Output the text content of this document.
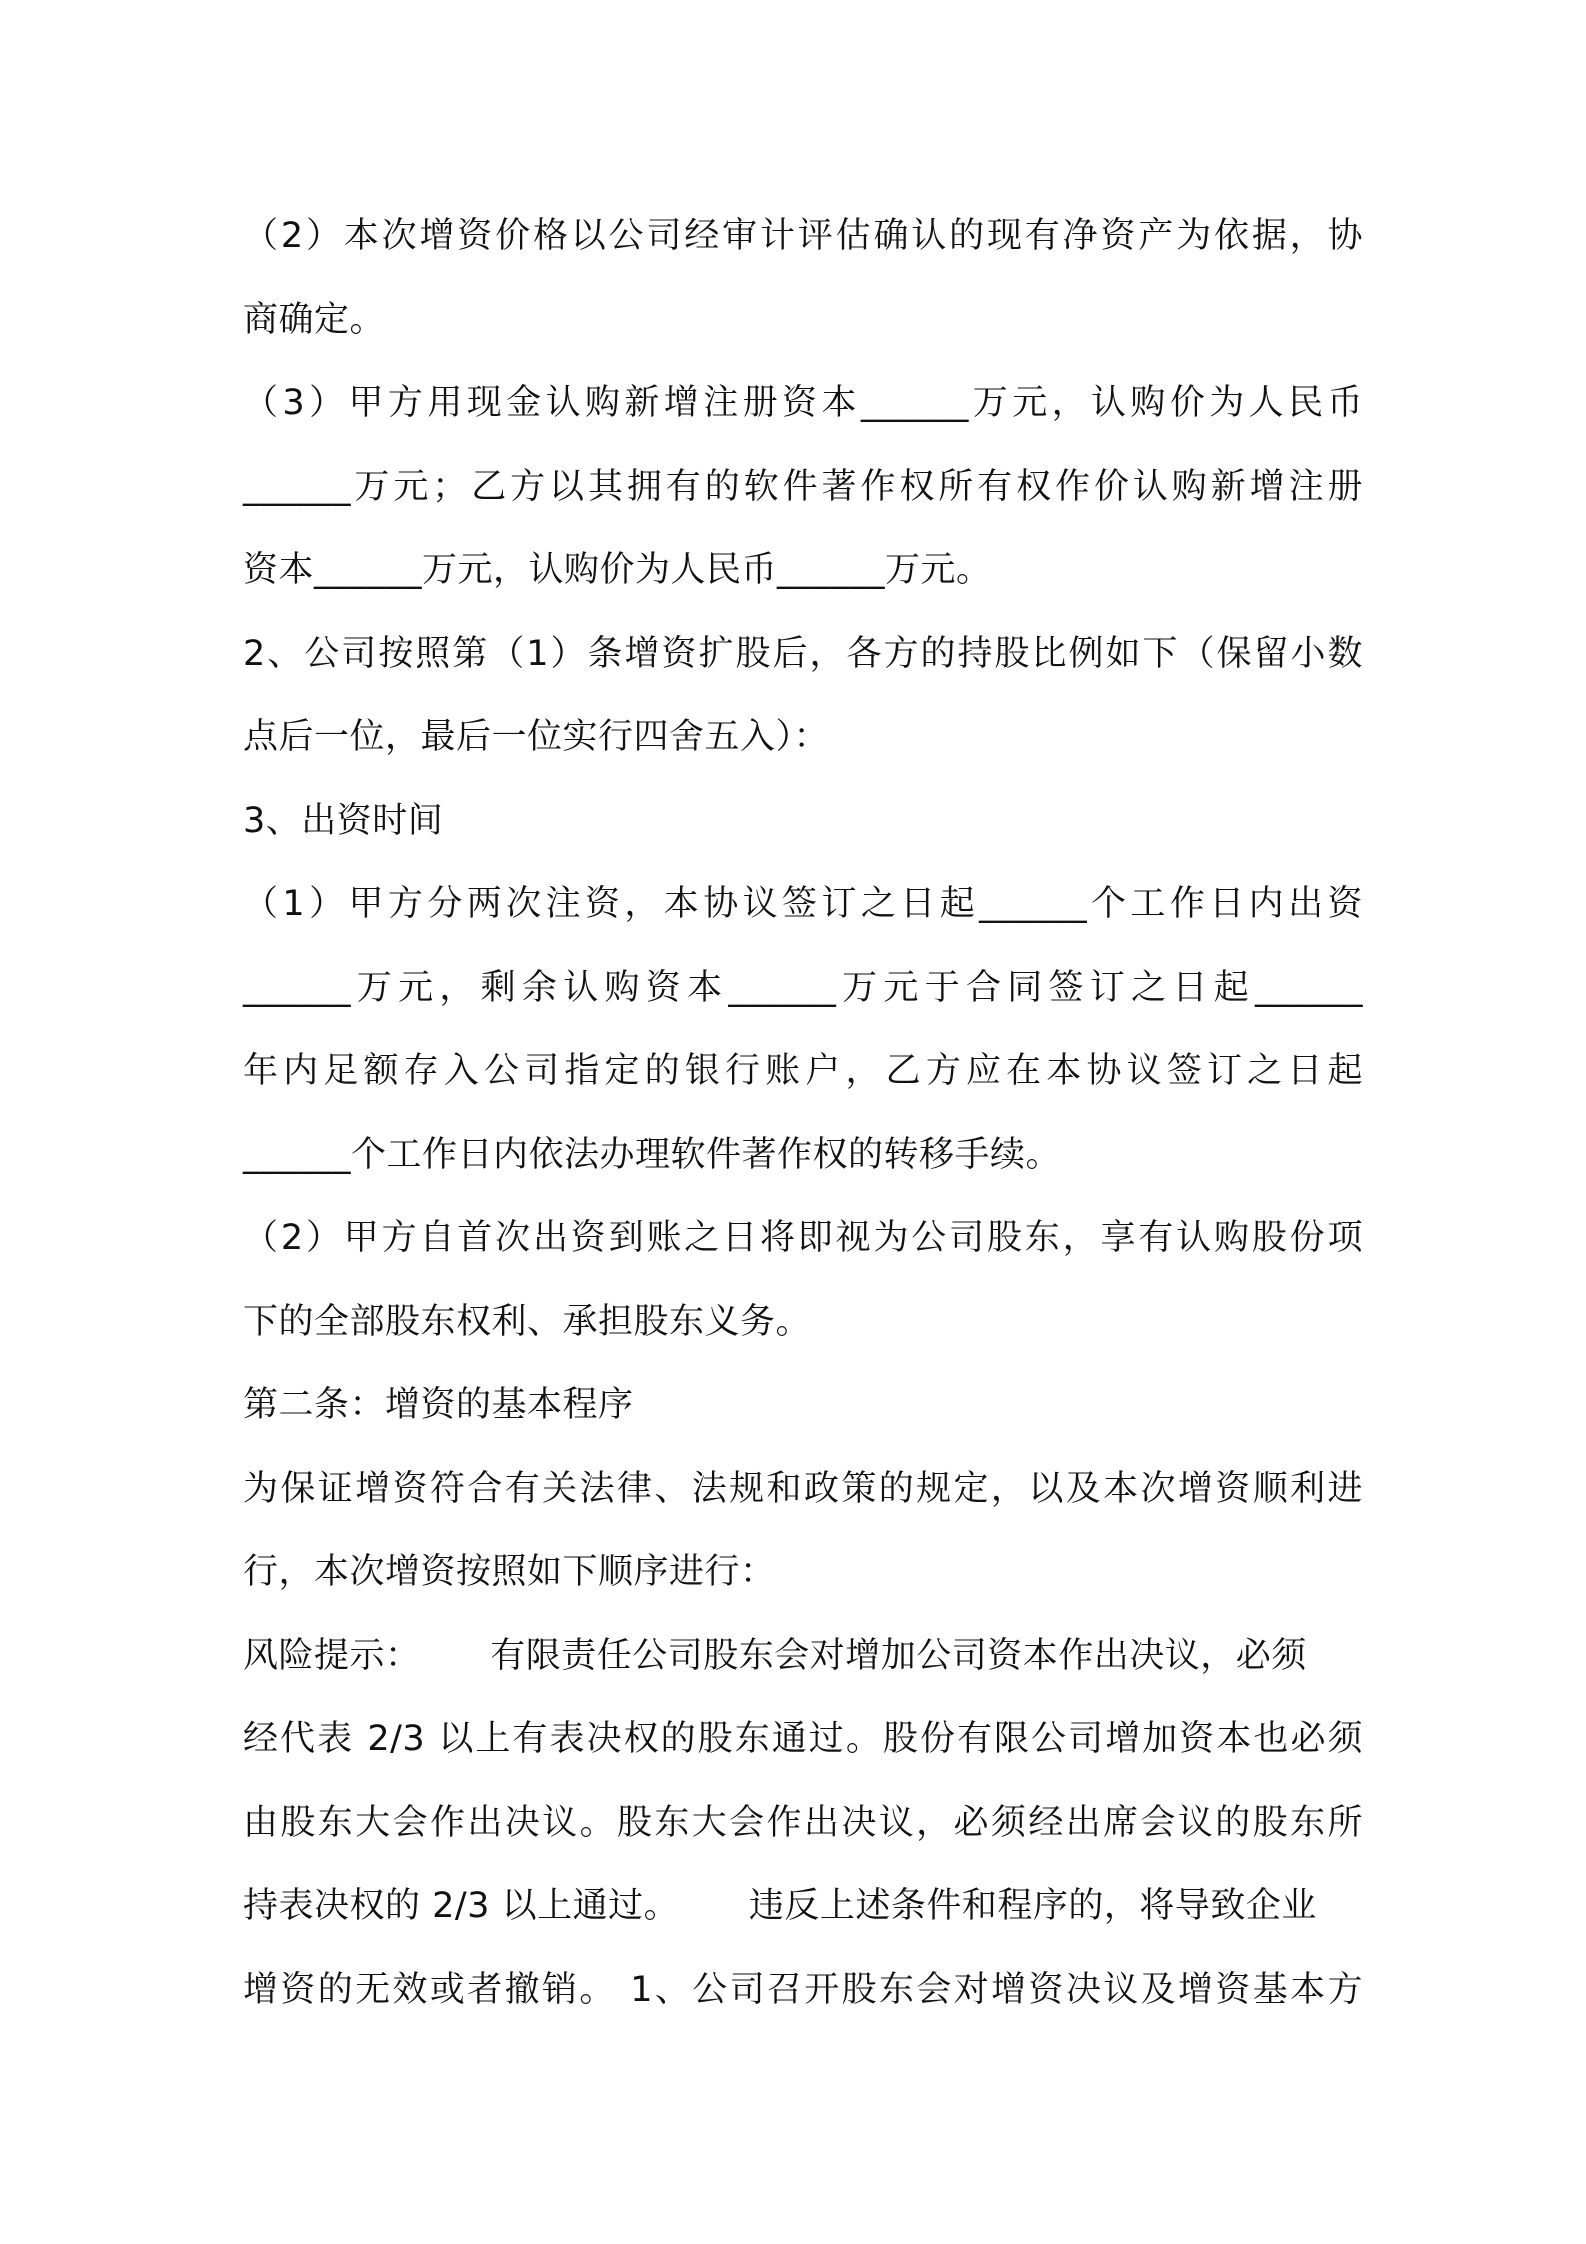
（2）本次增资价格以公司经审计评估确认的现有净资产为依据，协
商确定。
（3）甲方用现金认购新增注册资本______万元，认购价为人民币
______万元；乙方以其拥有的软件著作权所有权作价认购新增注册
资本______万元，认购价为人民币______万元。
2、公司按照第（1）条增资扩股后，各方的持股比例如下（保留小数
点后一位，最后一位实行四舍五入）：
3、出资时间
（1）甲方分两次注资，本协议签订之日起______个工作日内出资
______万元，剩余认购资本______万元于合同签订之日起______
年内足额存入公司指定的银行账户，乙方应在本协议签订之日起
______个工作日内依法办理软件著作权的转移手续。
（2）甲方自首次出资到账之日将即视为公司股东，享有认购股份项
下的全部股东权利、承担股东义务。
第二条：增资的基本程序
为保证增资符合有关法律、法规和政策的规定，以及本次增资顺利进
行，本次增资按照如下顺序进行：
风险提示：      有限责任公司股东会对增加公司资本作出决议，必须
经代表 2/3 以上有表决权的股东通过。股份有限公司增加资本也必须
由股东大会作出决议。股东大会作出决议，必须经出席会议的股东所
持表决权的 2/3 以上通过。      违反上述条件和程序的，将导致企业
增资的无效或者撤销。 1、公司召开股东会对增资决议及增资基本方
